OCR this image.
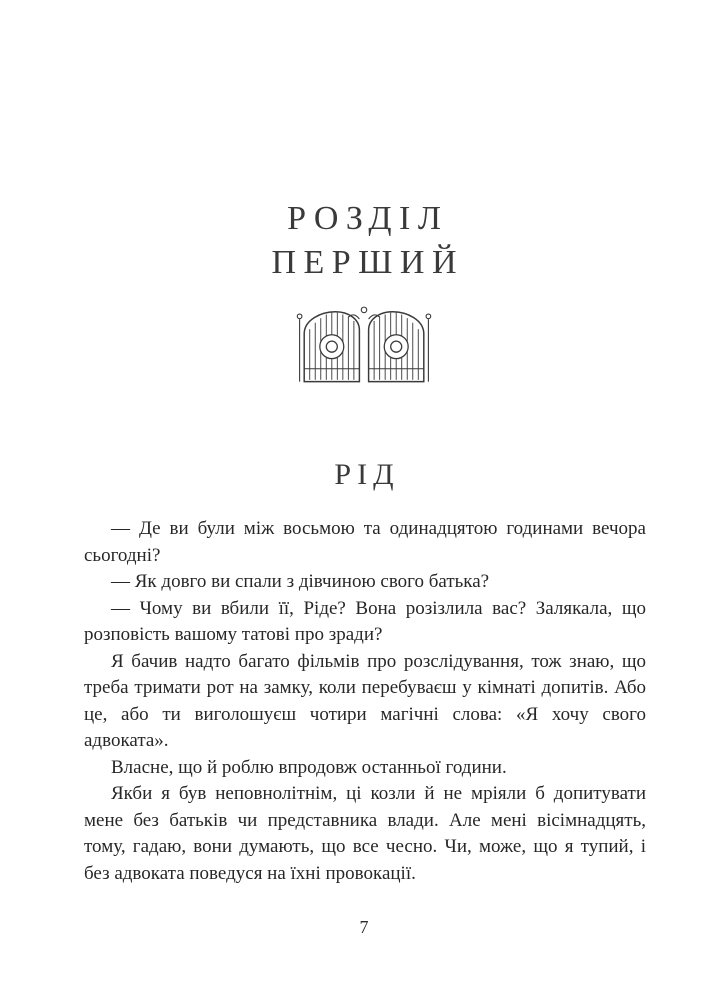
РОЗДІЛ
ПЕРШИЙ
РІД

— Де ви були між восьмою та одинадцятою годинами вечора сьогодні?

— Як довго ви спали з дівчиною свого батька?

— Чому ви вбили її, Ріде? Вона розізлила вас? Залякала, що розповість вашому татові про зради?

Я бачив надто багато фільмів про розслідування, тож знаю, що треба тримати рот на замку, коли перебуваєш у кімнаті допитів. Або це, або ти виголошуєш чотири магічні слова: «Я хочу свого адвоката».

Власне, що й роблю впродовж останньої години.

Якби я був неповнолітнім, ці козли й не мріяли б допитувати мене без батьків чи представника влади. Але мені вісімнадцять, тому, гадаю, вони думають, що все чесно. Чи, може, що я тупий, і без адвоката поведуся на їхні провокації.

7
